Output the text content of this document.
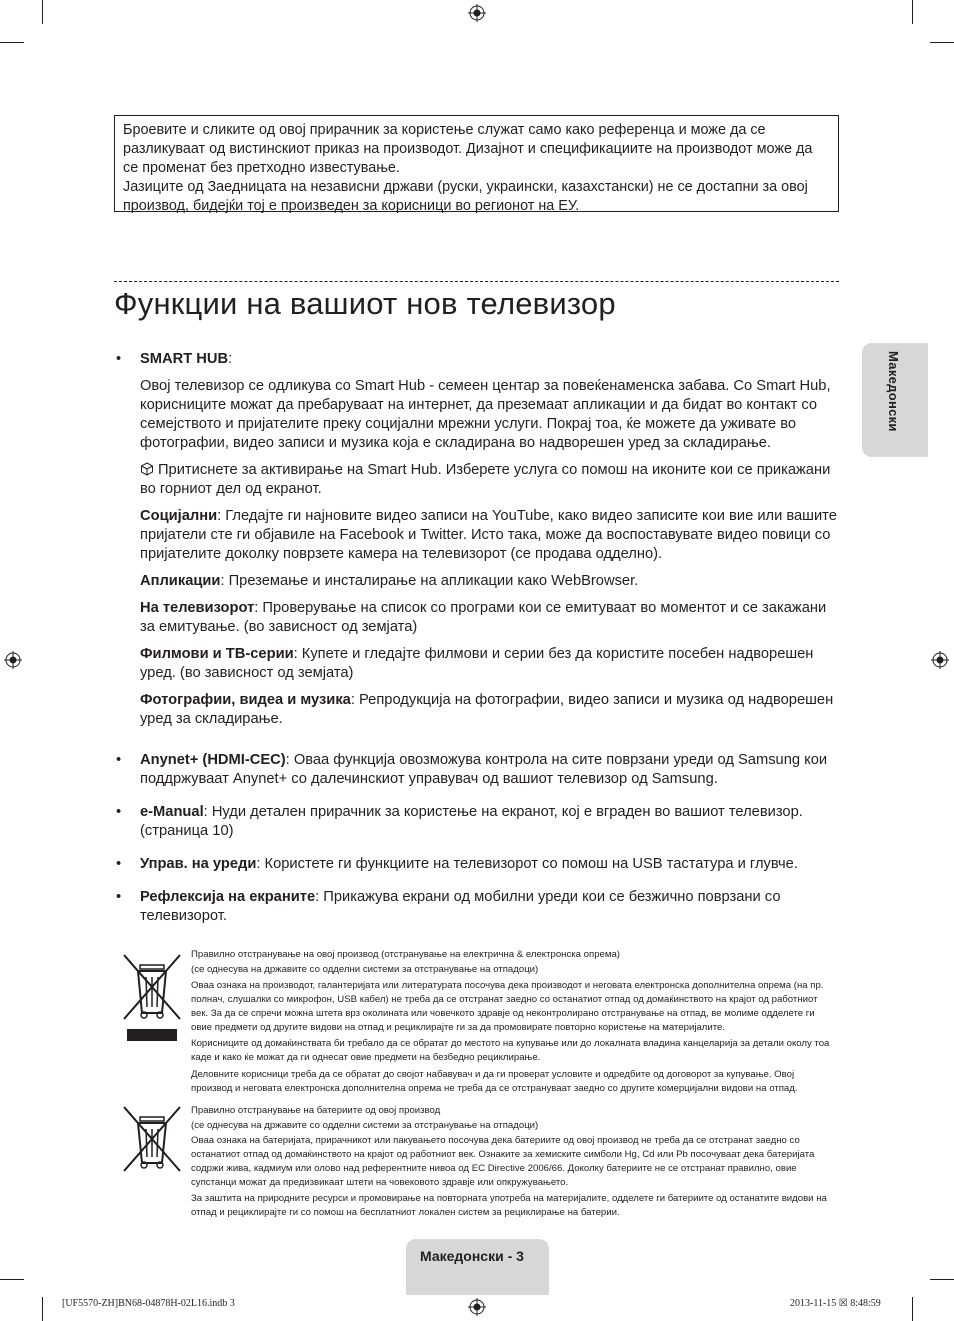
Броевите и сликите од овој прирачник за користење служат само како референца и може да се разликуваат од вистинскиот приказ на производот. Дизајнот и спецификациите на производот може да се променат без претходно известување.

Јазиците од Заедницата на независни држави (руски, украински, казахстански) не се достапни за овој производ, бидејќи тој е произведен за корисници во регионот на ЕУ.

Функции на вашиот нов телевизор
Македонски
• SMART HUB:

Овој телевизор се одликува со Smart Hub - семеен центар за повеќенаменска забава. Со Smart Hub, корисниците можат да пребаруваат на интернет, да преземаат апликации и да бидат во контакт со семејството и пријателите преку социјални мрежни услуги. Покрај тоа, ќе можете да уживате во фотографии, видео записи и музика која е складирана во надворешен уред за складирање.

Притиснете за активирање на Smart Hub. Изберете услуга со помош на иконите кои се прикажани во горниот дел од екранот.

Социјални: Гледајте ги најновите видео записи на YouTube, како видео записите кои вие или вашите пријатели сте ги објавиле на Facebook и Twitter. Исто така, може да воспоставувате видео повици со пријателите доколку поврзете камера на телевизорот (се продава одделно).

Апликации: Преземање и инсталирање на апликации како WebBrowser.

На телевизорот: Проверување на список со програми кои се емитуваат во моментот и се закажани за емитување. (во зависност од земјата)

Филмови и ТВ-серии: Купете и гледајте филмови и серии без да користите посебен надворешен уред. (во зависност од земјата)

Фотографии, видеа и музика: Репродукција на фотографии, видео записи и музика од надворешен уред за складирање.

• Anynet+ (HDMI-CEC): Оваа функција овозможува контрола на сите поврзани уреди од Samsung кои поддржуваат Anynet+ со далечинскиот управувач од вашиот телевизор од Samsung.
• e-Manual: Нуди детален прирачник за користење на екранот, кој е вграден во вашиот телевизор. (страница 10)
• Управ. на уреди: Користете ги функциите на телевизорот со помош на USB тастатура и глувче.
• Рефлексија на екраните: Прикажува екрани од мобилни уреди кои се безжично поврзани со телевизорот.

Правилно отстранување на овој производ (отстранување на електрична & електронска опрема)

(се однесува на државите со одделни системи за отстранување на отпадоци)

Оваа ознака на производот, галантеријата или литературата посочува дека производот и неговата електронска дополнителна опрема (на пр. полнач, слушалки со микрофон, USB кабел) не треба да се отстранат заедно со останатиот отпад од домаќинството на крајот од работниот век. За да се спречи можна штета врз околината или човечкото здравје од неконтролирано отстранување на отпад, ве молиме одделете ги овие предмети од другите видови на отпад и рециклирајте ги за да промовирате повторно користење на материјалите.

Корисниците од домаќинствата би требало да се обратат до местото на купување или до локалната владина канцеларија за детали околу тоа каде и како ќе можат да ги однесат овие предмети на безбедно рециклирање.

Деловните корисници треба да се обратат до својот набавувач и да ги проверат условите и одредбите од договорот за купување. Овој производ и неговата електронска дополнителна опрема не треба да се отстрануваат заедно со другите комерцијални видови на отпад.

Правилно отстранување на батериите од овој производ

(се однесува на државите со одделни системи за отстранување на отпадоци)

Оваа ознака на батеријата, прирачникот или пакувањето посочува дека батериите од овој производ не треба да се отстранат заедно со останатиот отпад од домаќинството на крајот од работниот век. Ознаките за хемиските симболи Hg, Cd или Pb посочуваат дека батеријата содржи жива, кадмиум или олово над референтните нивоа од EC Directive 2006/66. Доколку батериите не се отстранат правилно, овие супстанци можат да предизвикаат штети на човековото здравје или опкружувањето.

За заштита на природните ресурси и промовирање на повторната употреба на материјалите, одделете ги батериите од останатите видови на отпад и рециклирајте ги со помош на бесплатниот локален систем за рециклирање на батерии.

Македонски - 3
[UF5570-ZH]BN68-04878H-02L16.indb 3	2013-11-15 ☒ 8:48:59
